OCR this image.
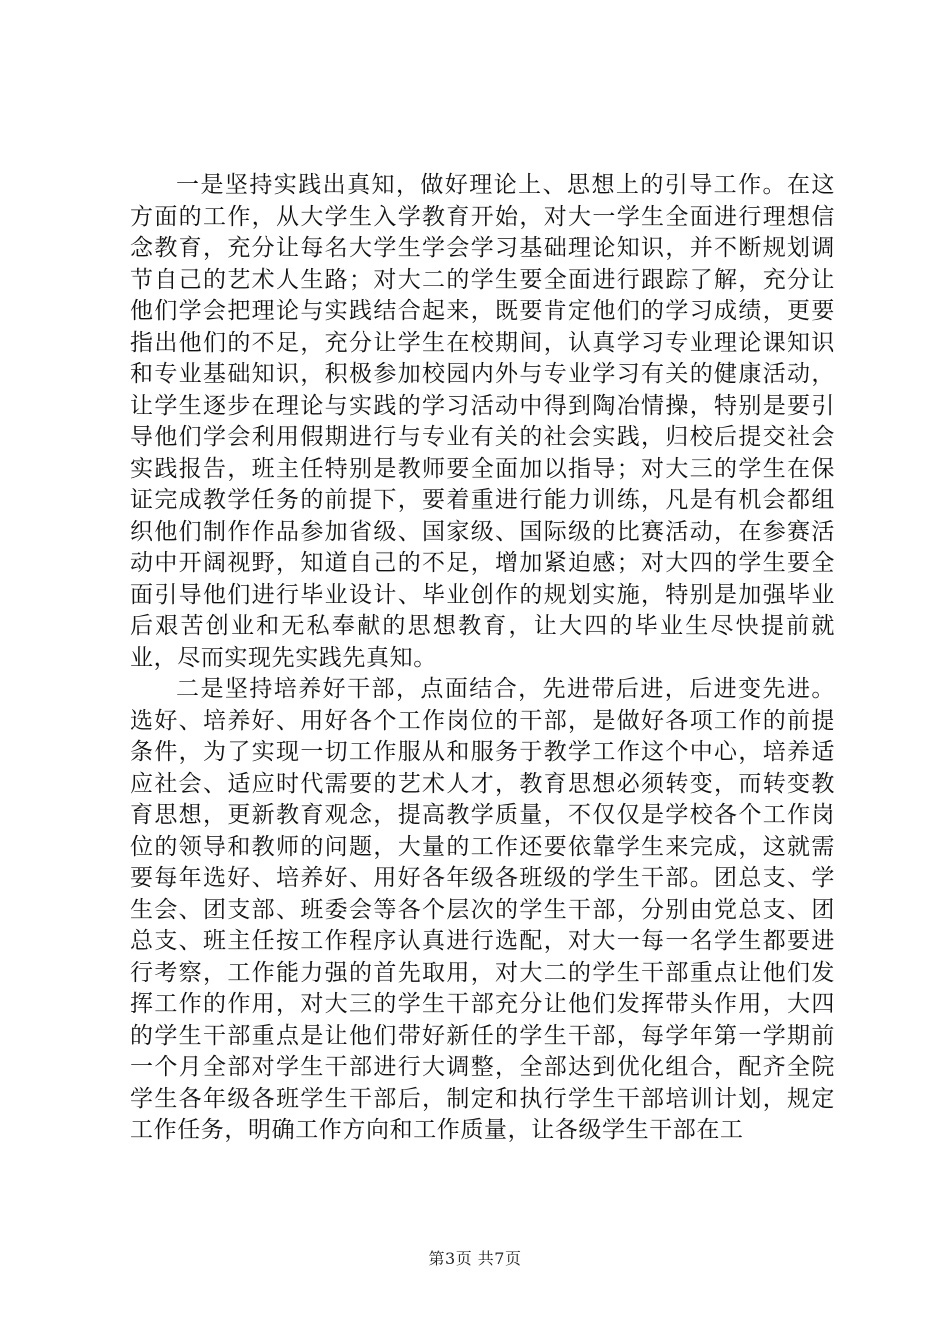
一是坚持实践出真知，做好理论上、思想上的引导工作。在这方面的工作，从大学生入学教育开始，对大一学生全面进行理想信念教育，充分让每名大学生学会学习基础理论知识，并不断规划调节自己的艺术人生路；对大二的学生要全面进行跟踪了解，充分让他们学会把理论与实践结合起来，既要肯定他们的学习成绩，更要指出他们的不足，充分让学生在校期间，认真学习专业理论课知识和专业基础知识，积极参加校园内外与专业学习有关的健康活动，让学生逐步在理论与实践的学习活动中得到陶冶情操，特别是要引导他们学会利用假期进行与专业有关的社会实践，归校后提交社会实践报告，班主任特别是教师要全面加以指导；对大三的学生在保证完成教学任务的前提下，要着重进行能力训练，凡是有机会都组织他们制作作品参加省级、国家级、国际级的比赛活动，在参赛活动中开阔视野，知道自己的不足，增加紧迫感；对大四的学生要全面引导他们进行毕业设计、毕业创作的规划实施，特别是加强毕业后艰苦创业和无私奉献的思想教育，让大四的毕业生尽快提前就业，尽而实现先实践先真知。

二是坚持培养好干部，点面结合，先进带后进，后进变先进。选好、培养好、用好各个工作岗位的干部，是做好各项工作的前提条件，为了实现一切工作服从和服务于教学工作这个中心，培养适应社会、适应时代需要的艺术人才，教育思想必须转变，而转变教育思想，更新教育观念，提高教学质量，不仅仅是学校各个工作岗位的领导和教师的问题，大量的工作还要依靠学生来完成，这就需要每年选好、培养好、用好各年级各班级的学生干部。团总支、学生会、团支部、班委会等各个层次的学生干部，分别由党总支、团总支、班主任按工作程序认真进行选配，对大一每一名学生都要进行考察，工作能力强的首先取用，对大二的学生干部重点让他们发挥工作的作用，对大三的学生干部充分让他们发挥带头作用，大四的学生干部重点是让他们带好新任的学生干部，每学年第一学期前一个月全部对学生干部进行大调整，全部达到优化组合，配齐全院学生各年级各班学生干部后，制定和执行学生干部培训计划，规定工作任务，明确工作方向和工作质量，让各级学生干部在工

第3页 共7页
